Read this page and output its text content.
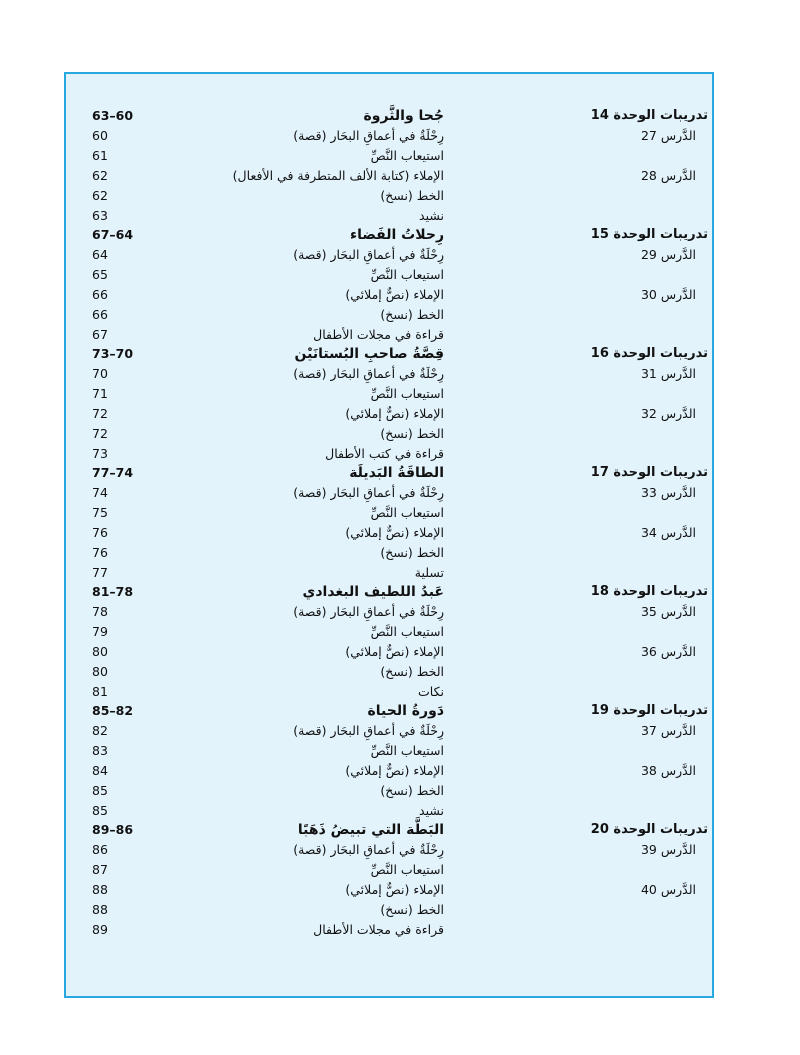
تدريبات الوحدة 14
جُحا والثَّروة
63–60
الدَّرس 27
رِحْلَةٌ في أعماقِ البحَار (قصة)
60
استيعاب النَّصِّ
61
الدَّرس 28
الإملاء (كتابة الألف المتطرفة في الأفعال)
62
الخط (نسخ)
62
نشيد
63
تدريبات الوحدة 15
رِحلاتُ الفَضاء
67–64
الدَّرس 29
رِحْلَةٌ في أعماقِ البحَار (قصة)
64
استيعاب النَّصِّ
65
الدَّرس 30
الإملاء (نصٌّ إملائي)
66
الخط (نسخ)
66
قراءة في مجلات الأطفال
67
تدريبات الوحدة 16
قِصَّةُ صاحبِ البُستانَيْن
73–70
الدَّرس 31
رِحْلَةٌ في أعماقِ البحَار (قصة)
70
استيعاب النَّصِّ
71
الدَّرس 32
الإملاء (نصٌّ إملائي)
72
الخط (نسخ)
72
قراءة في كتب الأطفال
73
تدريبات الوحدة 17
الطاقَةُ البَديلَة
77–74
الدَّرس 33
رِحْلَةٌ في أعماقِ البحَار (قصة)
74
استيعاب النَّصِّ
75
الدَّرس 34
الإملاء (نصٌّ إملائي)
76
الخط (نسخ)
76
تسلية
77
تدريبات الوحدة 18
عَبدُ اللطيف البغدادي
81–78
الدَّرس 35
رِحْلَةٌ في أعماقِ البحَار (قصة)
78
استيعاب النَّصِّ
79
الدَّرس 36
الإملاء (نصٌّ إملائي)
80
الخط (نسخ)
80
نكات
81
تدريبات الوحدة 19
دَورةُ الحياة
85–82
الدَّرس 37
رِحْلَةٌ في أعماقِ البحَار (قصة)
82
استيعاب النَّصِّ
83
الدَّرس 38
الإملاء (نصٌّ إملائي)
84
الخط (نسخ)
85
نشيد
85
تدريبات الوحدة 20
البَطَّة التي تبيضُ ذَهَبًا
89–86
الدَّرس 39
رِحْلَةٌ في أعماقِ البحَار (قصة)
86
استيعاب النَّصِّ
87
الدَّرس 40
الإملاء (نصٌّ إملائي)
88
الخط (نسخ)
88
قراءة في مجلات الأطفال
89
